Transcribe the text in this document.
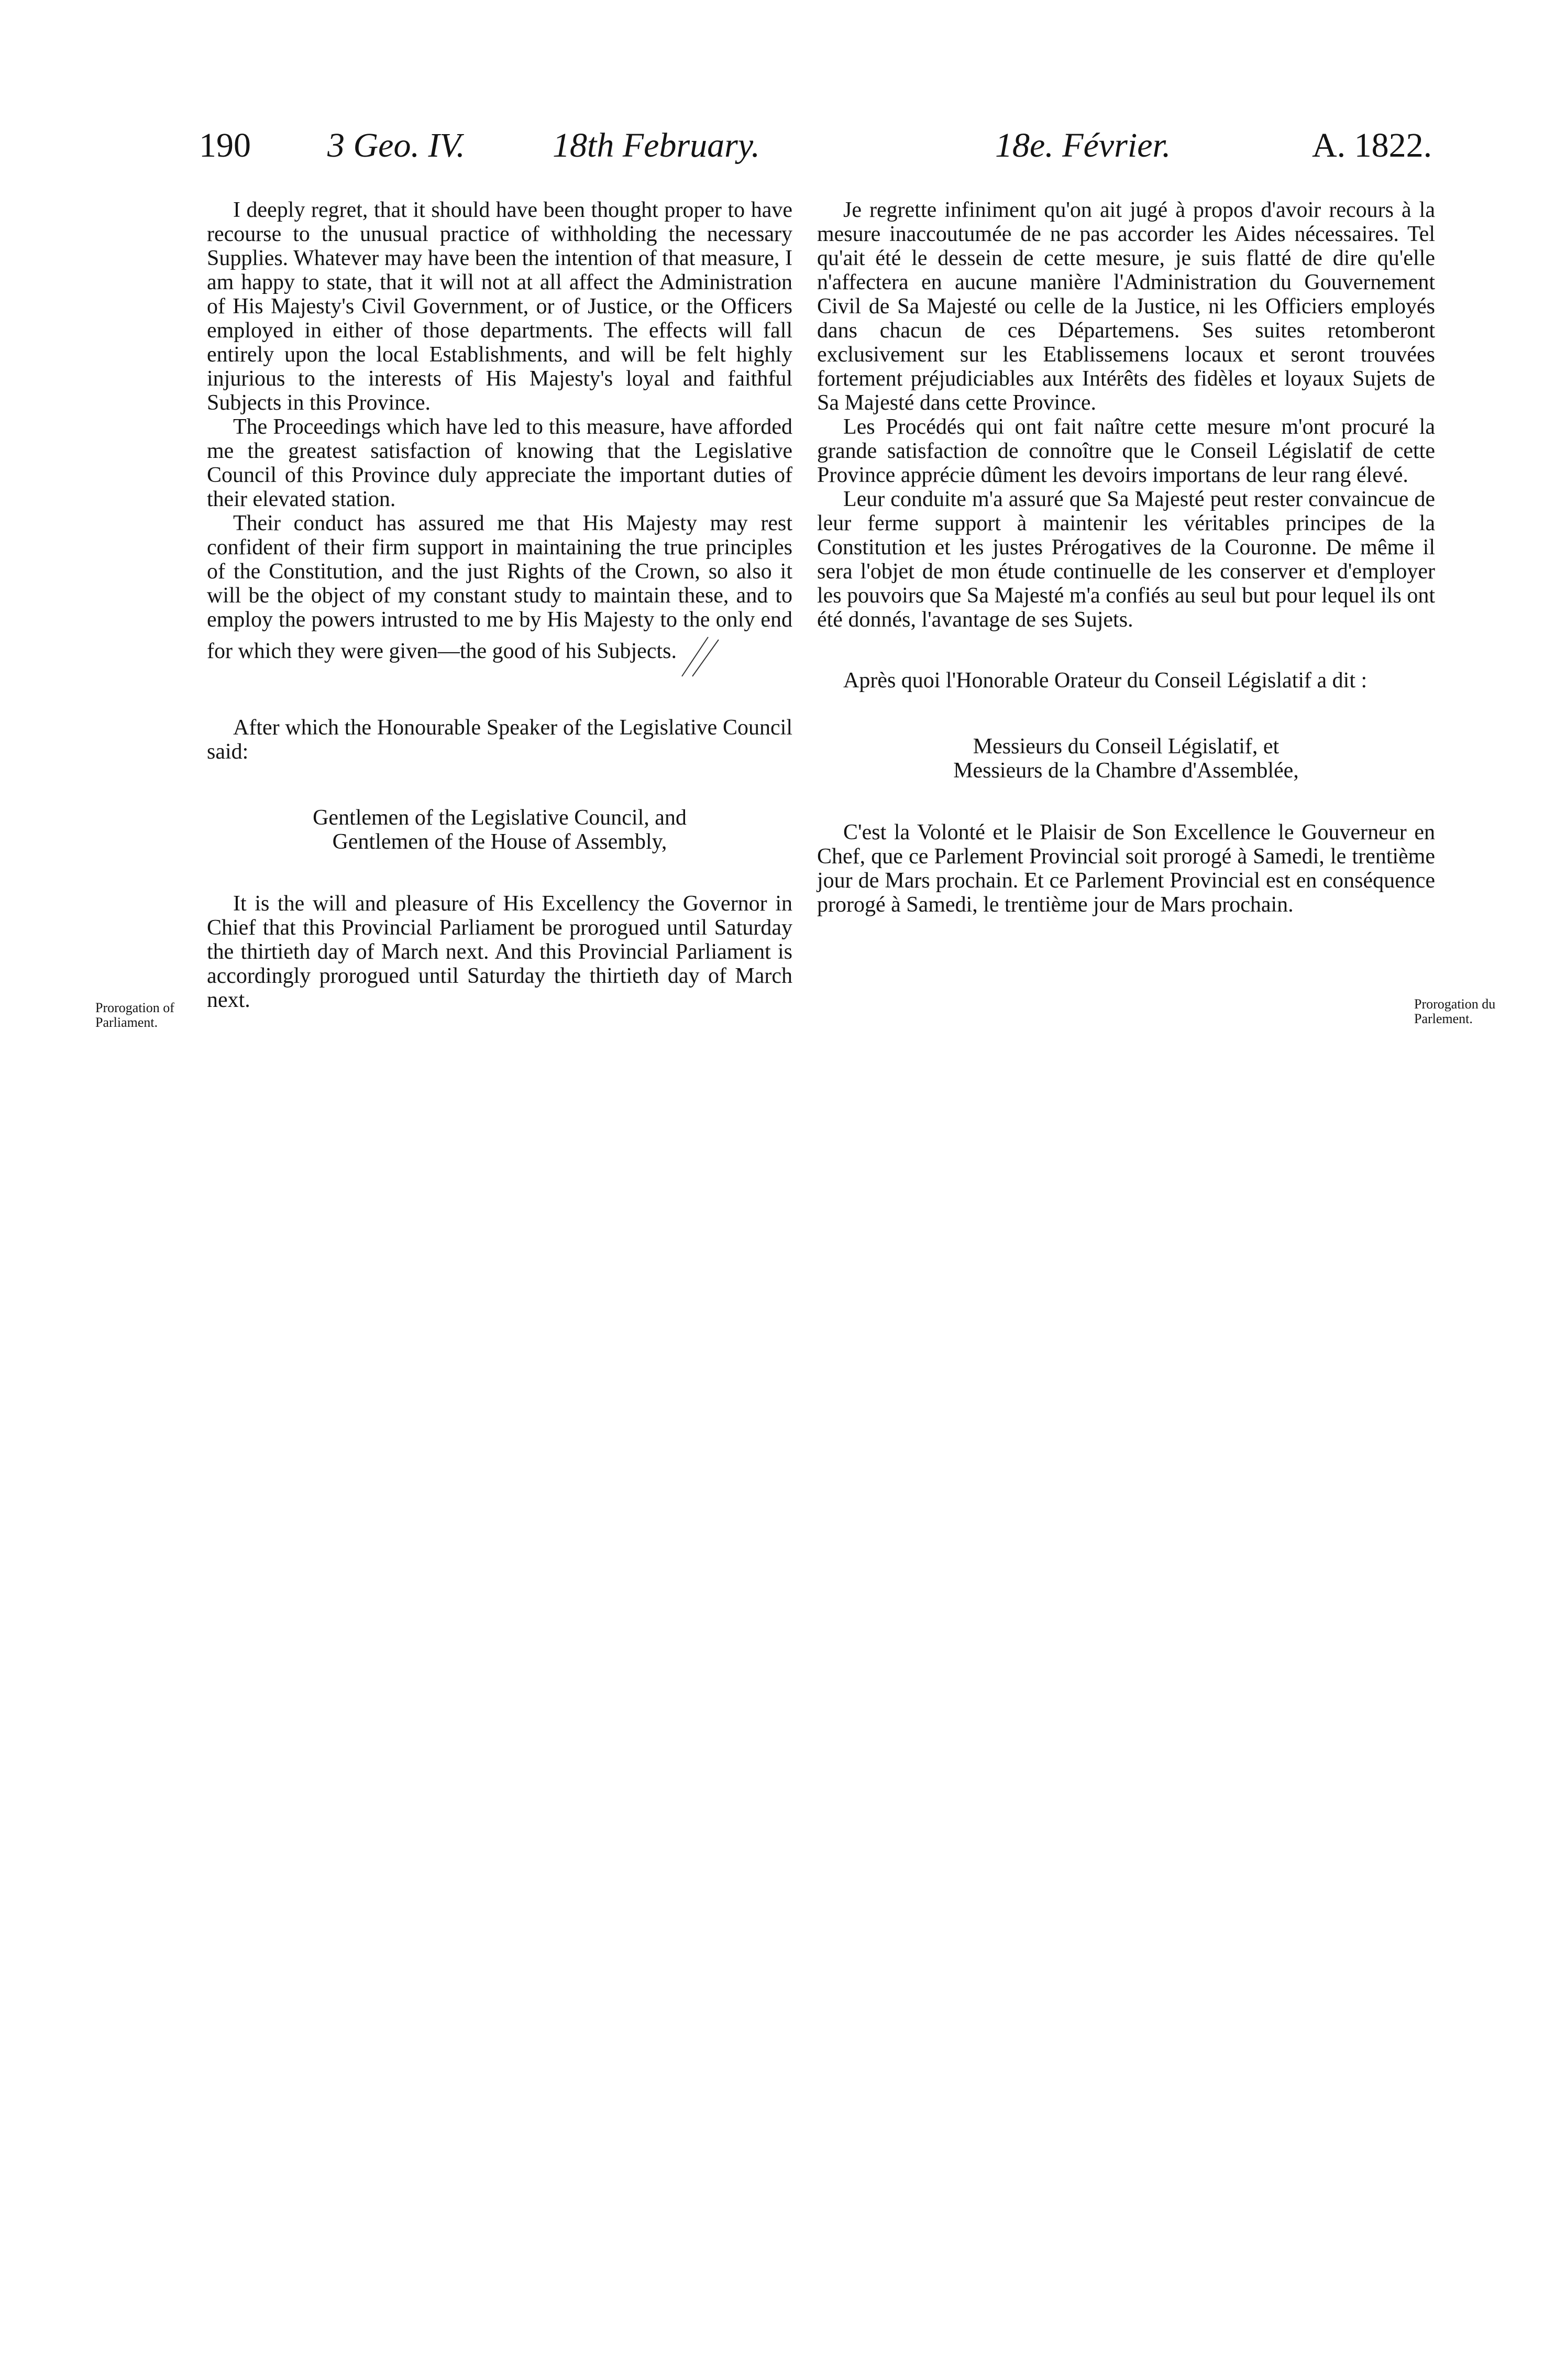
190 3 Geo. IV.	18th February.	18e. Février.	A. 1822.

I deeply regret, that it should have been thought proper to have recourse to the unusual practice of withholding the necessary Supplies. Whatever may have been the intention of that measure, I am happy to state, that it will not at all affect the Administration of His Majesty's Civil Government, or of Justice, or the Officers employed in either of those departments. The effects will fall entirely upon the local Establishments, and will be felt highly injurious to the interests of His Majesty's loyal and faithful Subjects in this Province.

The Proceedings which have led to this measure, have afforded me the greatest satisfaction of knowing that the Legislative Council of this Province duly appreciate the important duties of their elevated station.

Their conduct has assured me that His Majesty may rest confident of their firm support in maintaining the true principles of the Constitution, and the just Rights of the Crown, so also it will be the object of my constant study to maintain these, and to employ the powers intrusted to me by His Majesty to the only end for which they were given—the good of his Subjects.

After which the Honourable Speaker of the Legislative Council said:

Gentlemen of the Legislative Council, and

Gentlemen of the House of Assembly,

It is the will and pleasure of His Excellency the Governor in Chief that this Provincial Parliament be prorogued until Saturday the thirtieth day of March next. And this Provincial Parliament is accordingly prorogued until Saturday the thirtieth day of March next.

Je regrette infiniment qu'on ait jugé à propos d'avoir recours à la mesure inaccoutumée de ne pas accorder les Aides nécessaires. Tel qu'ait été le dessein de cette mesure, je suis flatté de dire qu'elle n'affectera en aucune manière l'Administration du Gouvernement Civil de Sa Majesté ou celle de la Justice, ni les Officiers employés dans chacun de ces Départemens. Ses suites retomberont exclusivement sur les Etablissemens locaux et seront trouvées fortement préjudiciables aux Intérêts des fidèles et loyaux Sujets de Sa Majesté dans cette Province.

Les Procédés qui ont fait naître cette mesure m'ont procuré la grande satisfaction de connoître que le Conseil Législatif de cette Province apprécie dûment les devoirs importans de leur rang élevé.

Leur conduite m'a assuré que Sa Majesté peut rester convaincue de leur ferme support à maintenir les véritables principes de la Constitution et les justes Prérogatives de la Couronne. De même il sera l'objet de mon étude continuelle de les conserver et d'employer les pouvoirs que Sa Majesté m'a confiés au seul but pour lequel ils ont été donnés, l'avantage de ses Sujets.

Après quoi l'Honorable Orateur du Conseil Législatif a dit :

Messieurs du Conseil Législatif, et

Messieurs de la Chambre d'Assemblée,

C'est la Volonté et le Plaisir de Son Excellence le Gouverneur en Chef, que ce Parlement Provincial soit prorogé à Samedi, le trentième jour de Mars prochain. Et ce Parlement Provincial est en conséquence prorogé à Samedi, le trentième jour de Mars prochain.

Prorogation of
Parliament.
Prorogation du
Parlement.
